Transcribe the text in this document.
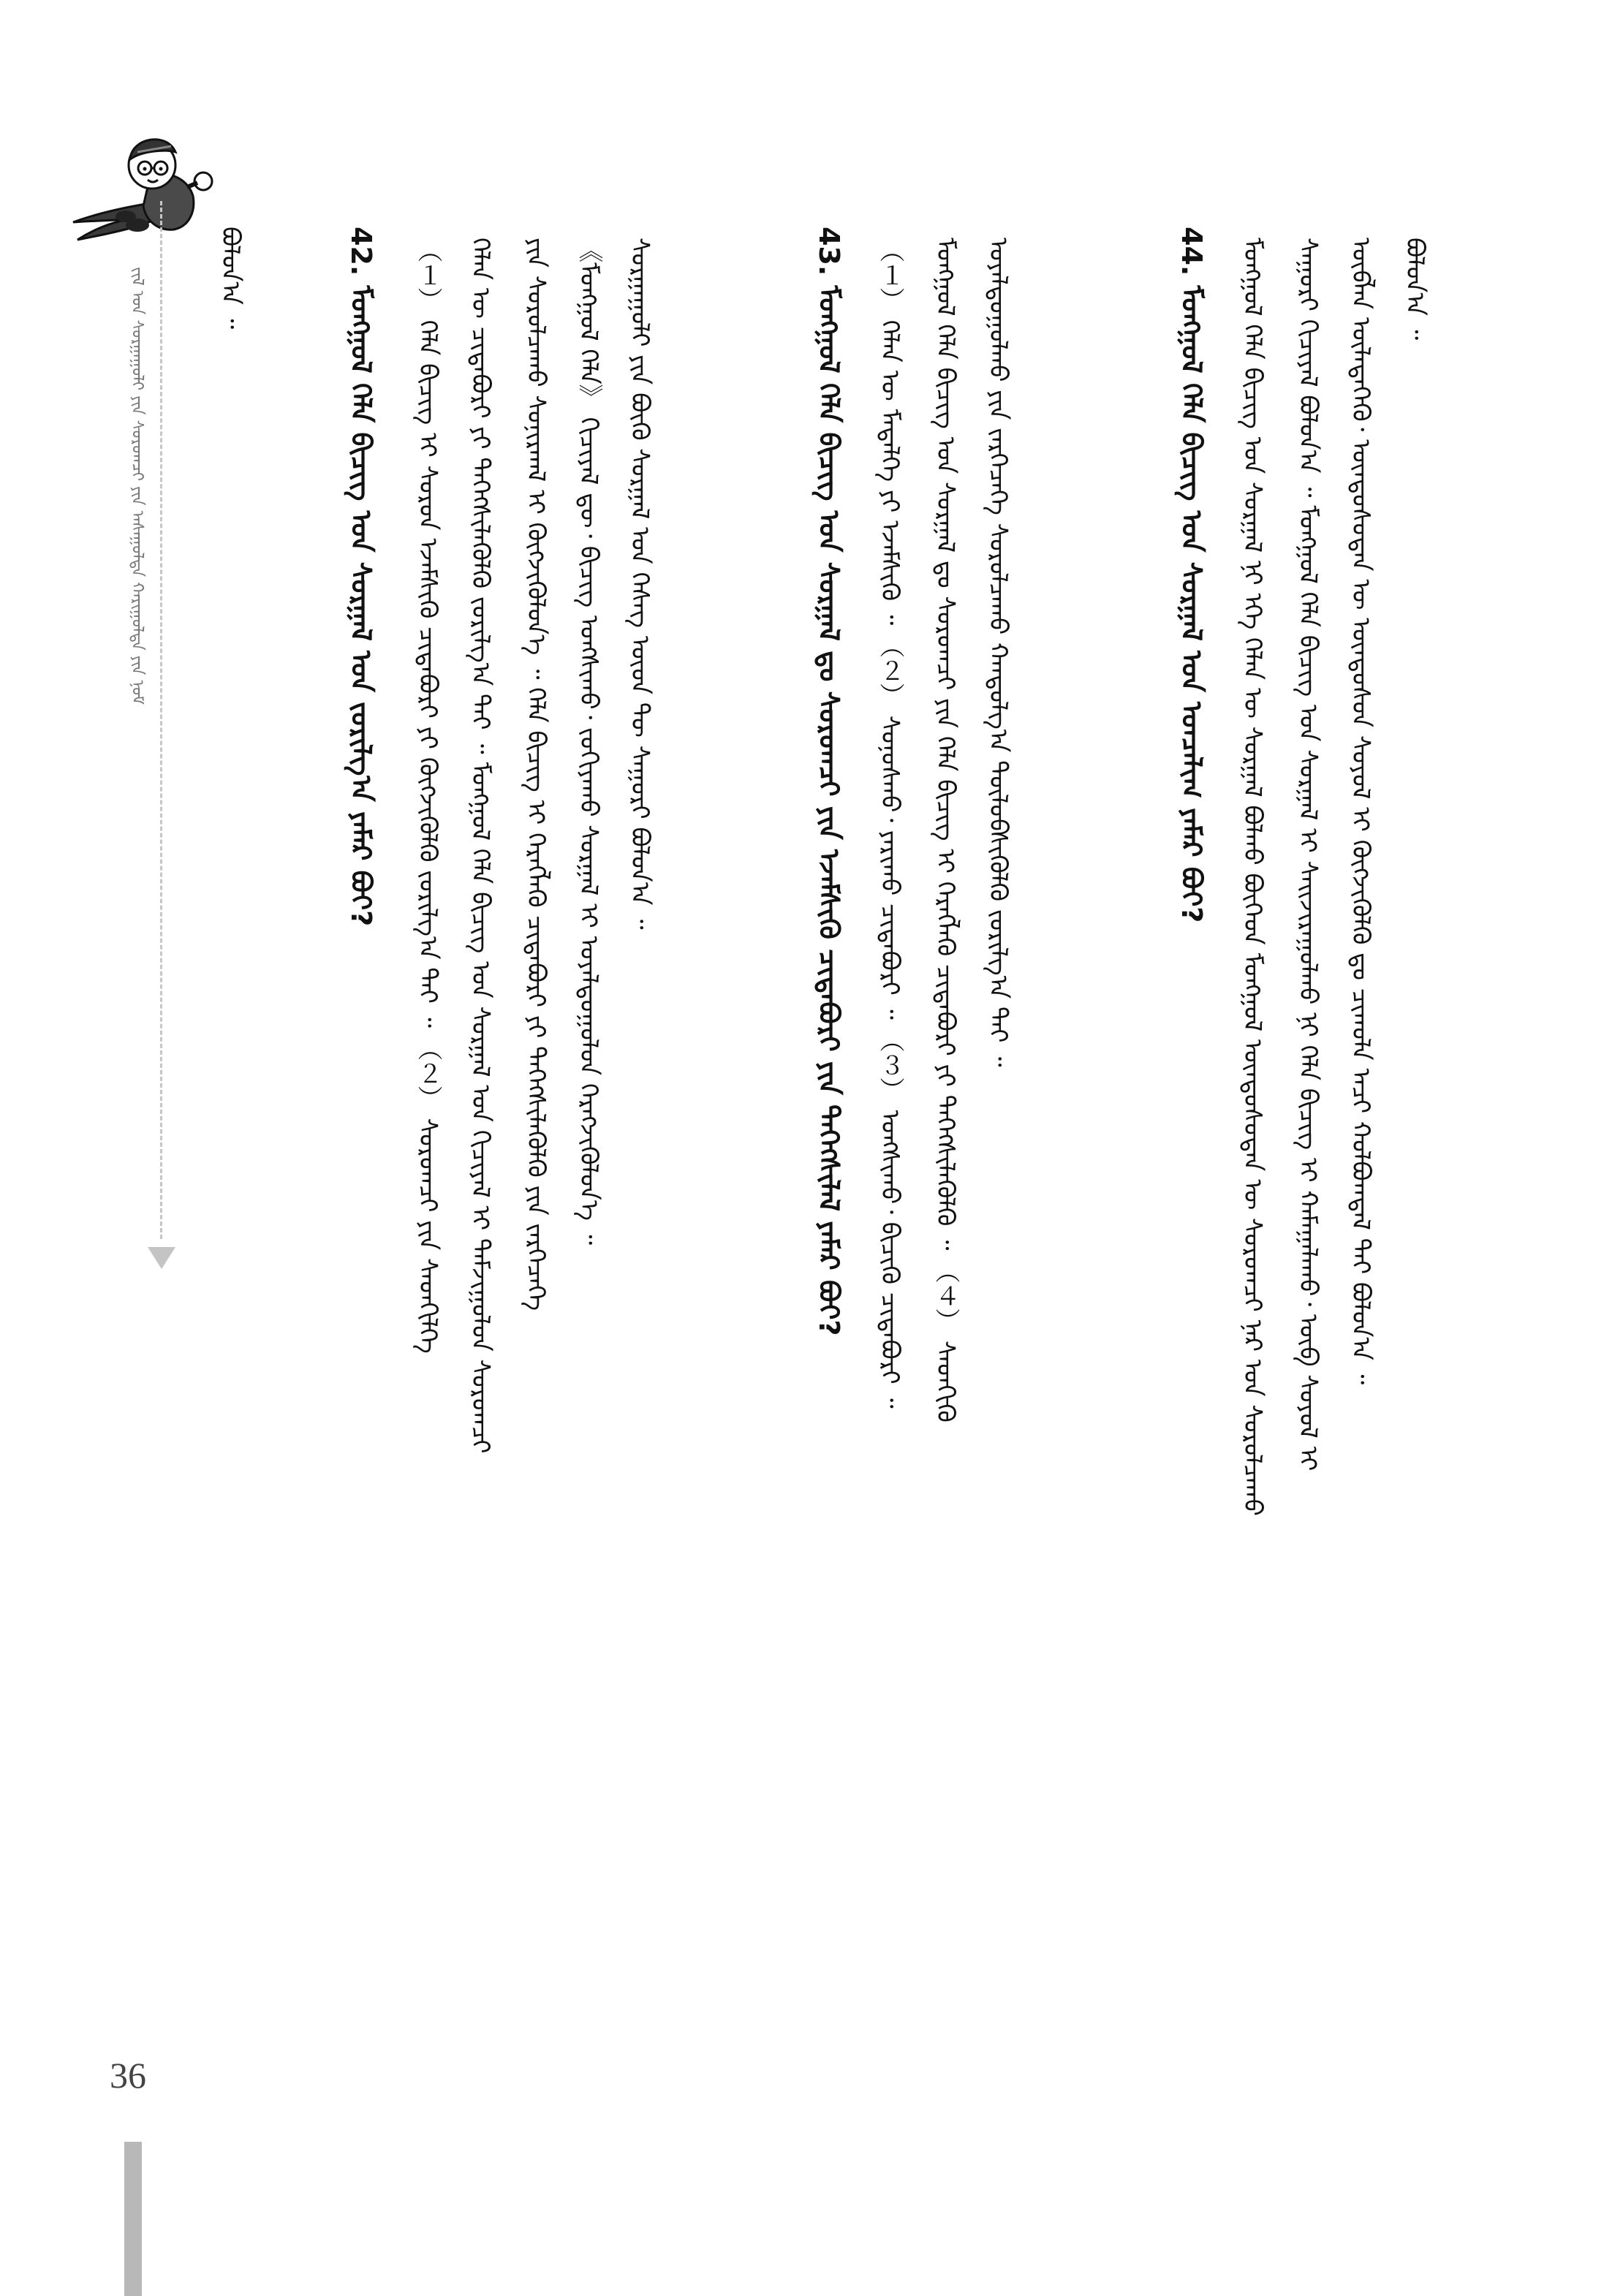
ᠵᠢᠯ ᠤᠨ ᠰᠤᠷᠭᠠᠭᠤᠯᠢ ᠶᠢᠨ ᠰᠤᠷᠤᠭᠴᠢ ᠶᠢᠨ ᠠᠰᠠᠭᠤᠯᠲᠠ ᠬᠠᠷᠢᠭᠤᠯᠲᠠ ᠶᠢᠨ ᠨᠣᠮ	ᠪᠣᠯᠤᠨ᠎ᠠ ᠃	42. ᠮᠣᠩᠭᠣᠯ ᠬᠡᠯᠡ ᠪᠢᠴᠢᠭ ᠤᠨ ᠰᠤᠷᠭᠠᠯ ᠤᠨ ᠵᠣᠷᠢᠯᠭ᠎ᠠ ᠶᠠᠮᠠᠷ ᠪᠤᠢ? （１） ᠬᠡᠯᠡ ᠪᠢᠴᠢᠭ ᠢ ᠰᠤᠷᠤᠨ ᠡᠵᠡᠮᠰᠢᠬᠦ ᠴᠢᠳᠠᠪᠤᠷᠢ ᠶᠢ ᠬᠥᠭᠵᠢᠭᠦᠯᠬᠦ ᠵᠣᠷᠢᠯᠭ᠎ᠠ ᠲᠠᠢ ᠃ （２） ᠰᠤᠷᠤᠭᠴᠢ ᠶᠢᠨ ᠰᠡᠳᠬᠢᠯᠭᠡ ᠬᠡᠯᠡᠨ ᠦ ᠴᠢᠳᠠᠪᠤᠷᠢ ᠶᠢ ᠳᠡᠭᠡᠭᠰᠢᠯᠡᠭᠦᠯᠬᠦ ᠵᠣᠷᠢᠯᠭ᠎ᠠ ᠲᠠᠢ ᠃ ᠮᠣᠩᠭᠣᠯ ᠬᠡᠯᠡ ᠪᠢᠴᠢᠭ ᠤᠨ ᠰᠤᠷᠭᠠᠯ ᠤᠨ ᠬᠢᠴᠢᠶᠡᠯ ᠢ ᠳᠠᠮᠵᠢᠭᠤᠯᠤᠨ ᠰᠤᠷᠤᠭᠴᠢ ᠶᠢᠨ ᠰᠤᠷᠤᠯᠴᠠᠬᠤ ᠰᠣᠨᠢᠷᠬᠠᠯ ᠢ ᠬᠥᠭᠵᠢᠭᠦᠯᠦᠨ᠎ᠡ ᠃ ᠬᠡᠯᠡ ᠪᠢᠴᠢᠭ ᠢ ᠬᠡᠷᠡᠭᠯᠡᠬᠦ ᠴᠢᠳᠠᠪᠤᠷᠢ ᠶᠢ ᠳᠡᠭᠡᠭᠰᠢᠯᠡᠭᠦᠯᠬᠦ ᠶᠢᠨ ᠵᠡᠷᠭᠡᠴᠡᠭᠡ 《ᠮᠣᠩᠭᠣᠯ ᠬᠡᠯᠡ》 ᠬᠢᠴᠢᠶᠡᠯ ᠳᠦ᠂ ᠪᠢᠴᠢᠭ ᠤᠩᠰᠢᠬᠤ᠂ ᠵᠣᠬᠢᠶᠠᠬᠤ ᠰᠤᠷᠭᠠᠯ ᠢ ᠤᠶᠠᠯᠳᠤᠭᠤᠯᠤᠨ ᠬᠡᠷᠡᠭᠵᠢᠭᠦᠯᠦᠨ᠎ᠡ ᠃ ᠰᠤᠷᠭᠠᠭᠤᠯᠢ ᠶᠢᠨ ᠪᠦᠬᠦ ᠰᠤᠷᠭᠠᠯ ᠤᠨ ᠬᠡᠰᠡᠭ ᠦᠳ ᠲᠦ ᠰᠠᠭᠤᠷᠢ ᠪᠣᠯᠤᠨ᠎ᠠ ᠃	43. ᠮᠣᠩᠭᠣᠯ ᠬᠡᠯᠡ ᠪᠢᠴᠢᠭ ᠤᠨ ᠰᠤᠷᠭᠠᠯ ᠳᠤ ᠰᠤᠷᠤᠭᠴᠢ ᠶᠢᠨ ᠡᠵᠡᠮᠰᠢᠬᠦ ᠴᠢᠳᠠᠪᠤᠷᠢ ᠶᠢᠨ ᠳᠡᠭᠡᠭᠰᠢᠯᠡᠯ ᠶᠠᠮᠠᠷ ᠪᠤᠢ? （１） ᠬᠡᠯᠡᠨ ᠦ ᠮᠡᠳᠡᠯᠭᠡ ᠶᠢ ᠡᠵᠡᠮᠰᠢᠬᠦ ᠃ （２） ᠰᠣᠨᠤᠰᠬᠤ᠂ ᠶᠠᠷᠢᠬᠤ ᠴᠢᠳᠠᠪᠤᠷᠢ ᠃ （３） ᠤᠩᠰᠢᠬᠤ᠂ ᠪᠢᠴᠢᠬᠦ ᠴᠢᠳᠠᠪᠤᠷᠢ ᠃ ᠮᠣᠩᠭᠣᠯ ᠬᠡᠯᠡ ᠪᠢᠴᠢᠭ ᠤᠨ ᠰᠤᠷᠭᠠᠯ ᠳᠤ ᠰᠤᠷᠤᠭᠴᠢ ᠶᠢᠨ ᠬᠡᠯᠡ ᠪᠢᠴᠢᠭ ᠢ ᠬᠡᠷᠡᠭᠯᠡᠬᠦ ᠴᠢᠳᠠᠪᠤᠷᠢ ᠶᠢ ᠳᠡᠭᠡᠭᠰᠢᠯᠡᠭᠦᠯᠬᠦ ᠃ （４） ᠰᠡᠳᠬᠢᠬᠦ ᠤᠶᠠᠯᠳᠤᠭᠤᠯᠬᠤ ᠶᠢᠨ ᠵᠡᠷᠭᠡᠴᠡᠭᠡ ᠰᠤᠷᠤᠯᠴᠠᠬᠤ ᠬᠠᠨᠳᠤᠯᠭ᠎ᠠ ᠲᠥᠯᠥᠪᠰᠢᠭᠦᠯᠬᠦ ᠵᠣᠷᠢᠯᠭ᠎ᠠ ᠲᠠᠢ ᠃	44. ᠮᠣᠩᠭᠣᠯ ᠬᠡᠯᠡ ᠪᠢᠴᠢᠭ ᠤᠨ ᠰᠤᠷᠭᠠᠯ ᠤᠨ ᠣᠨᠴᠠᠯᠢᠭ ᠶᠠᠮᠠᠷ ᠪᠤᠢ? ᠮᠣᠩᠭᠣᠯ ᠬᠡᠯᠡ ᠪᠢᠴᠢᠭ ᠤᠨ ᠰᠤᠷᠭᠠᠯ ᠨᠢ ᠡᠬᠡ ᠬᠡᠯᠡᠨ ᠦ ᠰᠤᠷᠭᠠᠯ ᠪᠣᠯᠬᠤ ᠪᠥᠭᠡᠳ ᠮᠣᠩᠭᠣᠯ ᠦᠨᠳᠦᠰᠦᠲᠡᠨ ᠦ ᠰᠤᠷᠤᠭᠴᠢ ᠨᠠᠷ ᠤᠨ ᠰᠤᠷᠤᠯᠴᠠᠬᠤ ᠰᠠᠭᠤᠷᠢ ᠬᠢᠴᠢᠶᠡᠯ ᠪᠣᠯᠤᠨ᠎ᠠ ᠃ ᠮᠣᠩᠭᠣᠯ ᠬᠡᠯᠡ ᠪᠢᠴᠢᠭ ᠤᠨ ᠰᠤᠷᠭᠠᠯ ᠢ ᠰᠠᠢᠵᠢᠷᠠᠭᠤᠯᠬᠤ ᠨᠢ ᠬᠡᠯᠡ ᠪᠢᠴᠢᠭ ᠢ ᠬᠠᠮᠠᠭᠠᠯᠠᠬᠤ᠂ ᠥᠪ ᠰᠣᠶᠣᠯ ᠢ ᠥᠪᠯᠡᠨ ᠦᠯᠡᠳᠡᠭᠡᠬᠦ᠂ ᠦᠨᠳᠦᠰᠦᠲᠡᠨ ᠦ ᠦᠨᠳᠦᠰᠦᠨ ᠰᠣᠶᠣᠯ ᠢ ᠬᠥᠭᠵᠢᠭᠦᠯᠬᠦ ᠳᠤ ᠴᠢᠬᠤᠯᠠ ᠠᠴᠢ ᠬᠣᠯᠪᠣᠭᠳᠠᠯ ᠲᠠᠢ ᠪᠣᠯᠤᠨ᠎ᠠ ᠃ ᠪᠣᠯᠤᠨ᠎ᠠ ᠃
36
